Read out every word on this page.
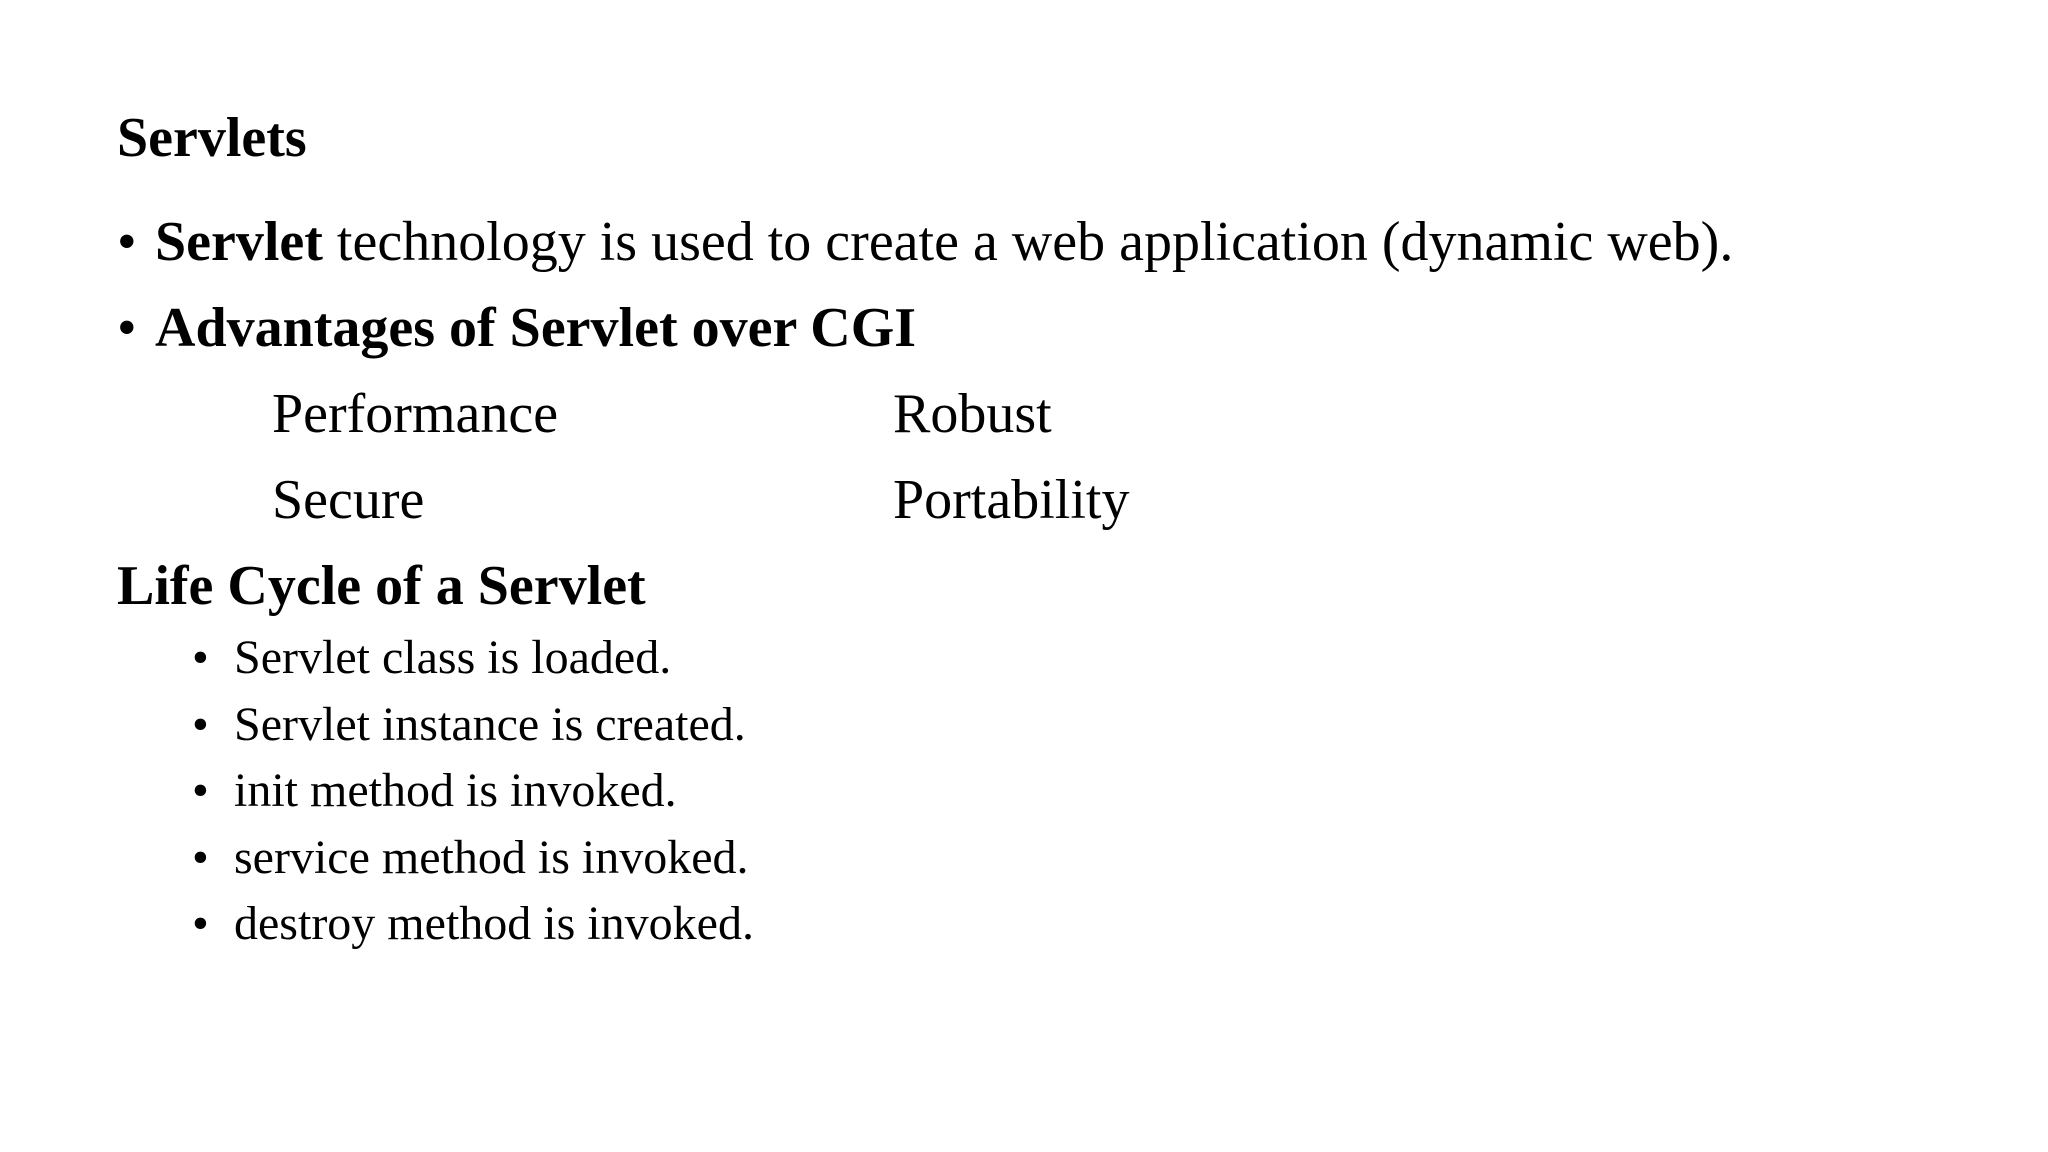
Servlets
• Servlet technology is used to create a web application (dynamic web).
• Advantages of Servlet over CGI
Performance	Robust
Secure	Portability
Life Cycle of a Servlet
• Servlet class is loaded.
• Servlet instance is created.
• init method is invoked.
• service method is invoked.
• destroy method is invoked.
